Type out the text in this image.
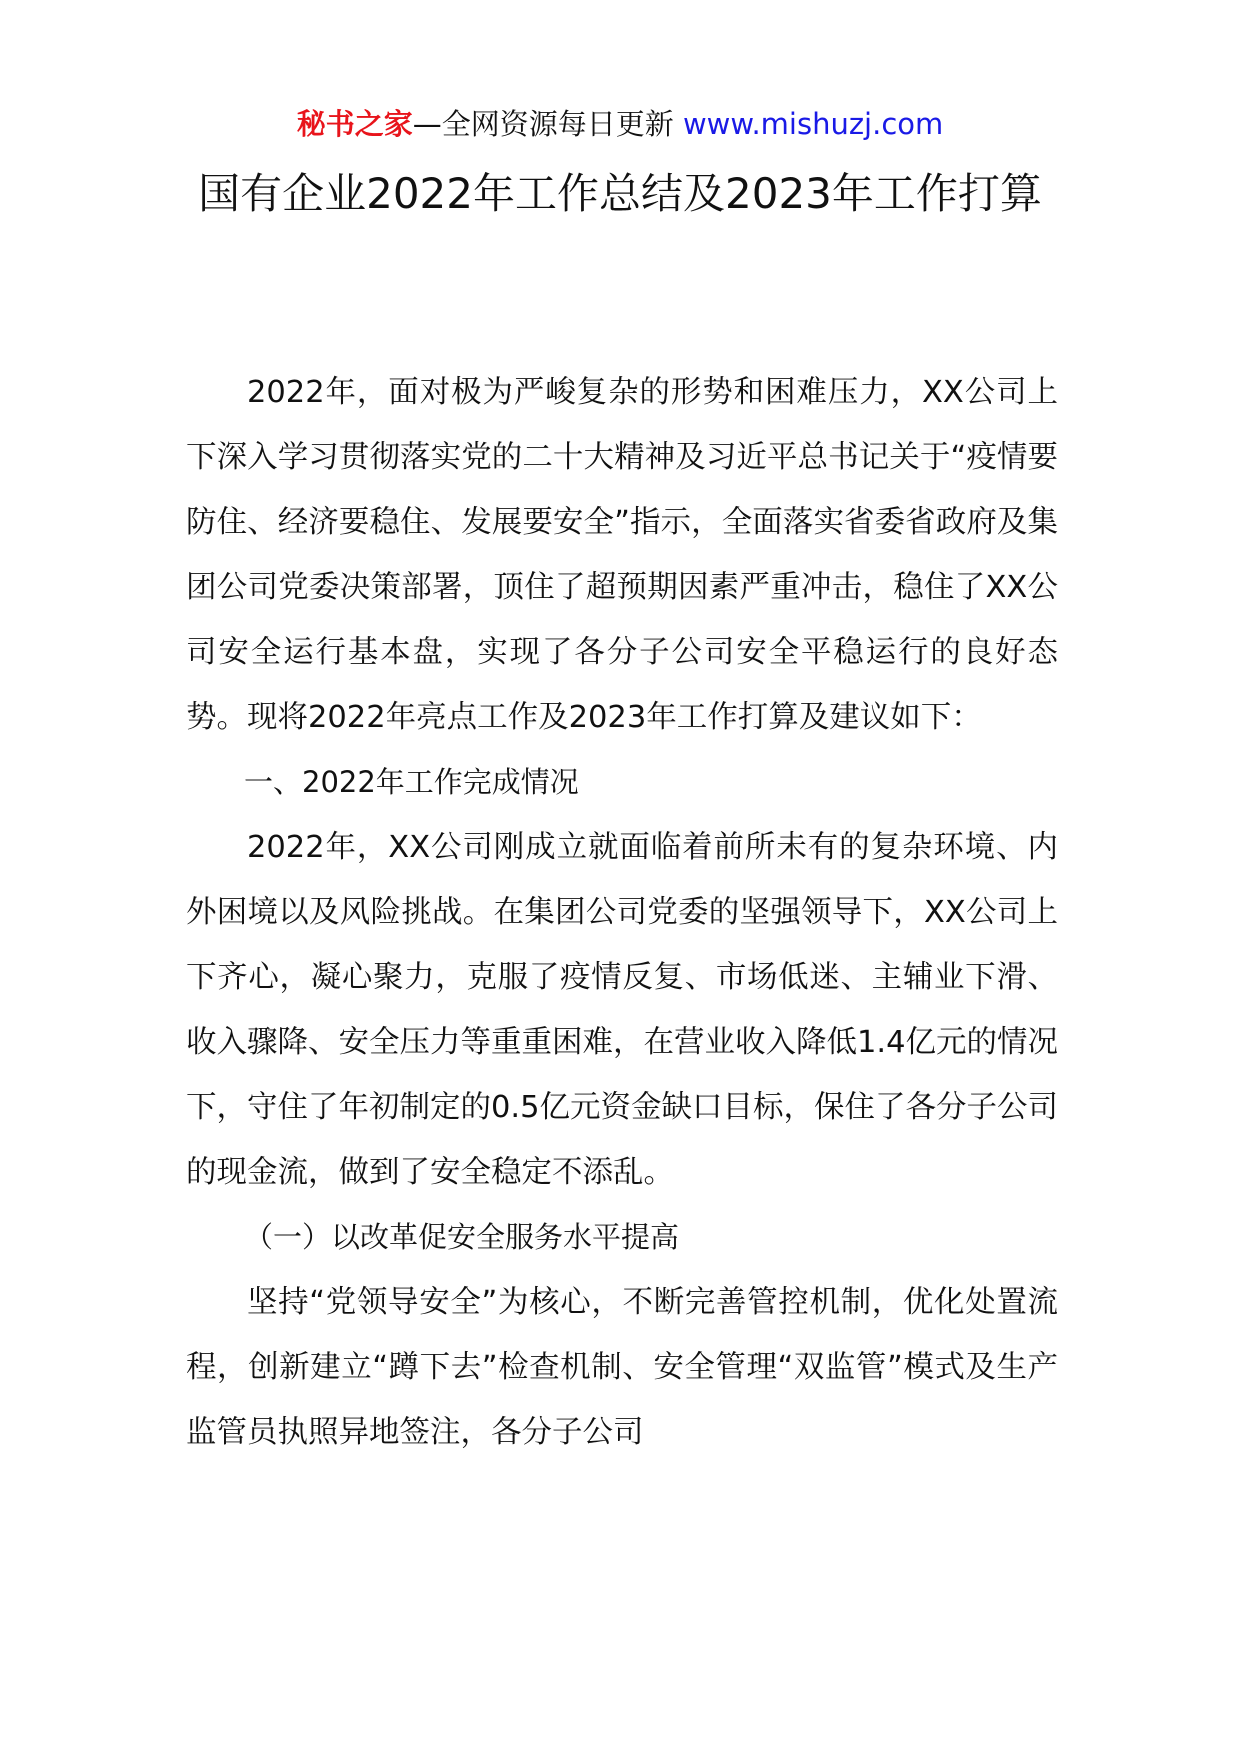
秘书之家—全网资源每日更新 www.mishuzj.com
国有企业2022年工作总结及2023年工作打算

2022年，面对极为严峻复杂的形势和困难压力，XX公司上下深入学习贯彻落实党的二十大精神及习近平总书记关于“疫情要防住、经济要稳住、发展要安全”指示，全面落实省委省政府及集团公司党委决策部署，顶住了超预期因素严重冲击，稳住了XX公司安全运行基本盘，实现了各分子公司安全平稳运行的良好态势。现将2022年亮点工作及2023年工作打算及建议如下：

一、2022年工作完成情况

2022年，XX公司刚成立就面临着前所未有的复杂环境、内外困境以及风险挑战。在集团公司党委的坚强领导下，XX公司上下齐心，凝心聚力，克服了疫情反复、市场低迷、主辅业下滑、收入骤降、安全压力等重重困难，在营业收入降低1.4亿元的情况下，守住了年初制定的0.5亿元资金缺口目标，保住了各分子公司的现金流，做到了安全稳定不添乱。

（一）以改革促安全服务水平提高

坚持“党领导安全”为核心，不断完善管控机制，优化处置流程，创新建立“蹲下去”检查机制、安全管理“双监管”模式及生产监管员执照异地签注，各分子公司
